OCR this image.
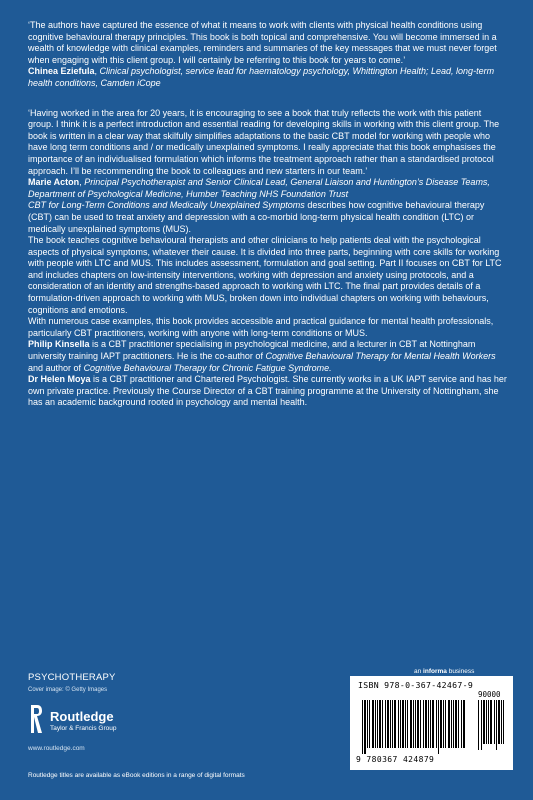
‘The authors have captured the essence of what it means to work with clients with physical health conditions using cognitive behavioural therapy principles. This book is both topical and comprehensive. You will become immersed in a wealth of knowledge with clinical examples, reminders and summaries of the key messages that we must never forget when engaging with this client group. I will certainly be referring to this book for years to come.’

Chinea Eziefula, Clinical psychologist, service lead for haematology psychology, Whittington Health; Lead, long-term health conditions, Camden iCope

‘Having worked in the area for 20 years, it is encouraging to see a book that truly reflects the work with this patient group. I think it is a perfect introduction and essential reading for developing skills in working with this client group. The book is written in a clear way that skilfully simplifies adaptations to the basic CBT model for working with people who have long term conditions and / or medically unexplained symptoms. I really appreciate that this book emphasises the importance of an individualised formulation which informs the treatment approach rather than a standardised protocol approach. I’ll be recommending the book to colleagues and new starters in our team.’

Marie Acton, Principal Psychotherapist and Senior Clinical Lead, General Liaison and Huntington’s Disease Teams, Department of Psychological Medicine, Humber Teaching NHS Foundation Trust

CBT for Long-Term Conditions and Medically Unexplained Symptoms describes how cognitive behavioural therapy (CBT) can be used to treat anxiety and depression with a co-morbid long-term physical health condition (LTC) or medically unexplained symptoms (MUS).

The book teaches cognitive behavioural therapists and other clinicians to help patients deal with the psychological aspects of physical symptoms, whatever their cause. It is divided into three parts, beginning with core skills for working with people with LTC and MUS. This includes assessment, formulation and goal setting. Part II focuses on CBT for LTC and includes chapters on low-intensity interventions, working with depression and anxiety using protocols, and a consideration of an identity and strengths-based approach to working with LTC. The final part provides details of a formulation-driven approach to working with MUS, broken down into individual chapters on working with behaviours, cognitions and emotions.

With numerous case examples, this book provides accessible and practical guidance for mental health professionals, particularly CBT practitioners, working with anyone with long-term conditions or MUS.

Philip Kinsella is a CBT practitioner specialising in psychological medicine, and a lecturer in CBT at Nottingham university training IAPT practitioners. He is the co-author of Cognitive Behavioural Therapy for Mental Health Workers and author of Cognitive Behavioural Therapy for Chronic Fatigue Syndrome.

Dr Helen Moya is a CBT practitioner and Chartered Psychologist. She currently works in a UK IAPT service and has her own private practice. Previously the Course Director of a CBT training programme at the University of Nottingham, she has an academic background rooted in psychology and mental health.

PSYCHOTHERAPY
Cover image: © Getty Images
Routledge
Taylor & Francis Group
www.routledge.com
Routledge titles are available as eBook editions in a range of digital formats
an informa business
ISBN 978-0-367-42467-9
90000
9 780367 424879
